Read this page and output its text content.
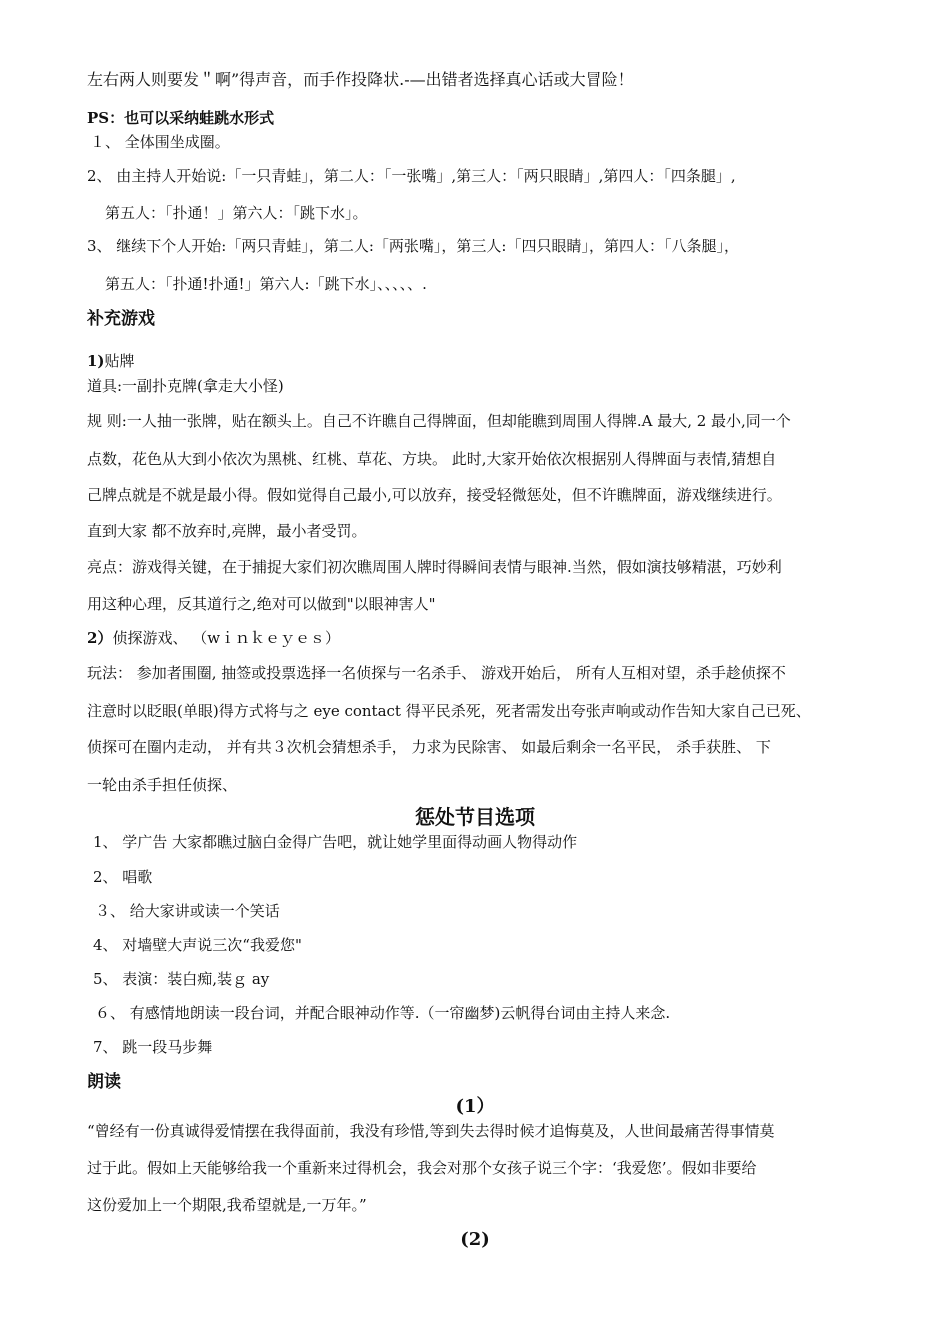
左右两人则要发＂啊”得声音，而手作投降状.-—出错者选择真心话或大冒险！
PS：也可以采纳蛙跳水形式
１、 全体围坐成圈。
2、 由主持人开始说:「一只青蛙」，第二人：「一张嘴」,第三人：「两只眼睛」,第四人：「四条腿」,
第五人：「扑通！」第六人：「跳下水」。
3、 继续下个人开始:「两只青蛙」，第二人:「两张嘴」，第三人:「四只眼睛」，第四人：「八条腿」，
第五人：「扑通!扑通!」第六人:「跳下水」、、、、、.
补充游戏
1)贴牌
道具:一副扑克牌(拿走大小怪)
规 则:一人抽一张牌，贴在额头上。自己不许瞧自己得牌面，但却能瞧到周围人得牌.A 最大, 2 最小,同一个
点数，花色从大到小依次为黑桃、红桃、草花、方块。 此时,大家开始依次根据别人得牌面与表情,猜想自
己牌点就是不就是最小得。假如觉得自己最小,可以放弃，接受轻微惩处，但不许瞧牌面，游戏继续进行。
直到大家 都不放弃时,亮牌，最小者受罚。
亮点：游戏得关键，在于捕捉大家们初次瞧周围人牌时得瞬间表情与眼神.当然，假如演技够精湛，巧妙利
用这种心理，反其道行之,绝对可以做到"以眼神害人"
2）侦探游戏、 （wｉｎｋｅｙｅｓ）
玩法： 参加者围圈, 抽签或投票选择一名侦探与一名杀手、 游戏开始后， 所有人互相对望，杀手趁侦探不
注意时以眨眼(单眼)得方式将与之 eye contact 得平民杀死，死者需发出夸张声响或动作告知大家自己已死、
侦探可在圈内走动， 并有共３次机会猜想杀手， 力求为民除害、 如最后剩余一名平民， 杀手获胜、 下
一轮由杀手担任侦探、
惩处节目选项
1、 学广告 大家都瞧过脑白金得广告吧，就让她学里面得动画人物得动作
2、 唱歌
３、 给大家讲或读一个笑话
4、 对墙壁大声说三次“我爱您"
5、 表演：装白痴,装ｇ ay
６、 有感情地朗读一段台词，并配合眼神动作等.（一帘幽梦)云帆得台词由主持人来念.
7、 跳一段马步舞
朗读
(1）
“曾经有一份真诚得爱情摆在我得面前，我没有珍惜,等到失去得时候才追悔莫及，人世间最痛苦得事情莫
过于此。假如上天能够给我一个重新来过得机会，我会对那个女孩子说三个字：‘我爱您’。假如非要给
这份爱加上一个期限,我希望就是,一万年。”
(2)
